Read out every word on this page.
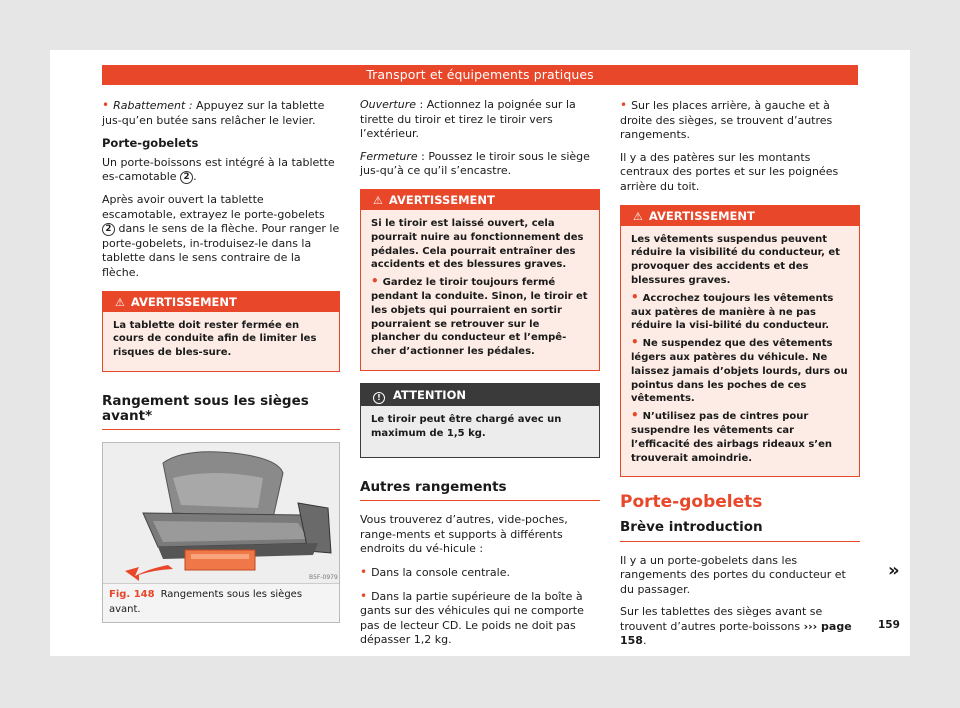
Transport et équipements pratiques

• Rabattement : Appuyez sur la tablette jus-qu’en butée sans relâcher le levier.

Porte-gobelets

Un porte-boissons est intégré à la tablette es-camotable 2 .

Après avoir ouvert la tablette escamotable, extrayez le porte-gobelets 2 dans le sens de la flèche. Pour ranger le porte-gobelets, in-troduisez-le dans la tablette dans le sens contraire de la flèche.

⚠ AVERTISSEMENT

La tablette doit rester fermée en cours de conduite afin de limiter les risques de bles-sure.

Rangement sous les sièges avant*
B5F-0979
Fig. 148 Rangements sous les sièges avant.

Ouverture : Actionnez la poignée sur la tirette du tiroir et tirez le tiroir vers l’extérieur.

Fermeture : Poussez le tiroir sous le siège jus-qu’à ce qu’il s’encastre.

⚠ AVERTISSEMENT

Si le tiroir est laissé ouvert, cela pourrait nuire au fonctionnement des pédales. Cela pourrait entraîner des accidents et des blessures graves.

• Gardez le tiroir toujours fermé pendant la conduite. Sinon, le tiroir et les objets qui pourraient en sortir pourraient se retrouver sur le plancher du conducteur et l’empê-cher d’actionner les pédales.

! ATTENTION

Le tiroir peut être chargé avec un maximum de 1,5 kg.

Autres rangements

Vous trouverez d’autres, vide-poches, range-ments et supports à différents endroits du vé-hicule :

• Dans la console centrale.

• Dans la partie supérieure de la boîte à gants sur des véhicules qui ne comporte pas de lecteur CD. Le poids ne doit pas dépasser 1,2 kg.

• Sur les places arrière, à gauche et à droite des sièges, se trouvent d’autres rangements.

Il y a des patères sur les montants centraux des portes et sur les poignées arrière du toit.

⚠ AVERTISSEMENT

Les vêtements suspendus peuvent réduire la visibilité du conducteur, et provoquer des accidents et des blessures graves.

• Accrochez toujours les vêtements aux patères de manière à ne pas réduire la visi-bilité du conducteur.

• Ne suspendez que des vêtements légers aux patères du véhicule. Ne laissez jamais d’objets lourds, durs ou pointus dans les poches de ces vêtements.

• N’utilisez pas de cintres pour suspendre les vêtements car l’efficacité des airbags rideaux s’en trouverait amoindrie.

Porte-gobelets
Brève introduction

Il y a un porte-gobelets dans les rangements des portes du conducteur et du passager.

Sur les tablettes des sièges avant se trouvent d’autres porte-boissons ››› page 158.

»
159
